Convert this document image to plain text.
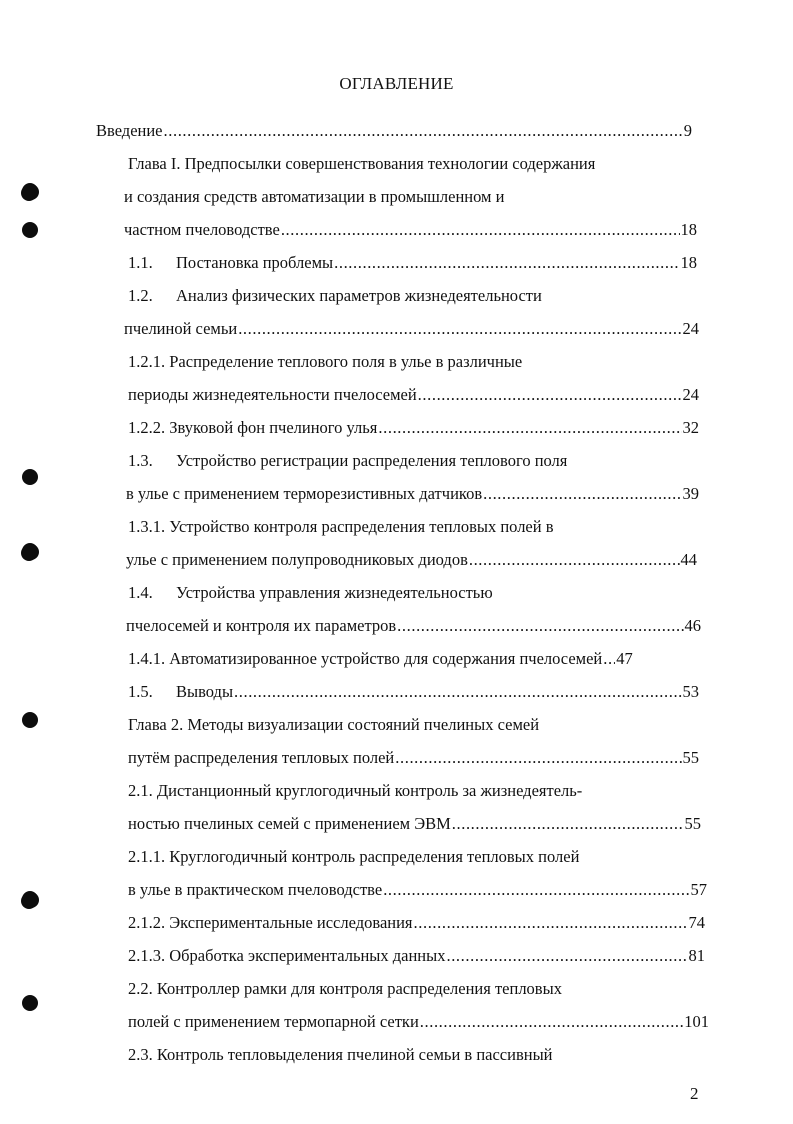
ОГЛАВЛЕНИЕ
Введение .....	9
Глава I. Предпосылки совершенствования технологии содержания
и создания средств автоматизации в промышленном и
частном пчеловодстве .....	18
1.1.	Постановка проблемы .....	18
1.2.	Анализ физических параметров жизнедеятельности
пчелиной семьи .....	24
1.2.1. Распределение теплового поля в улье в различные
периоды жизнедеятельности пчелосемей .....	24
1.2.2. Звуковой фон пчелиного улья .....	32
1.3.	Устройство регистрации распределения теплового поля
в улье с применением терморезистивных датчиков .....	39
1.3.1. Устройство контроля распределения тепловых полей в
улье с применением полупроводниковых диодов .....	44
1.4.	Устройства управления жизнедеятельностью
пчелосемей и контроля их параметров .....	46
1.4.1. Автоматизированное устройство для содержания пчелосемей ..... 47
1.5.	Выводы .....	53
Глава 2. Методы визуализации состояний пчелиных семей
путём распределения тепловых полей .....	55
2.1. Дистанционный круглогодичный контроль за жизнедеятель-
ностью пчелиных семей с применением ЭВМ .....	55
2.1.1. Круглогодичный контроль распределения тепловых полей
в улье в практическом пчеловодстве .....	57
2.1.2. Экспериментальные исследования .....	74
2.1.3. Обработка экспериментальных данных .....	81
2.2. Контроллер рамки для контроля распределения тепловых
полей с применением термопарной сетки .....	101
2.3. Контроль тепловыделения пчелиной семьи в пассивный
2
